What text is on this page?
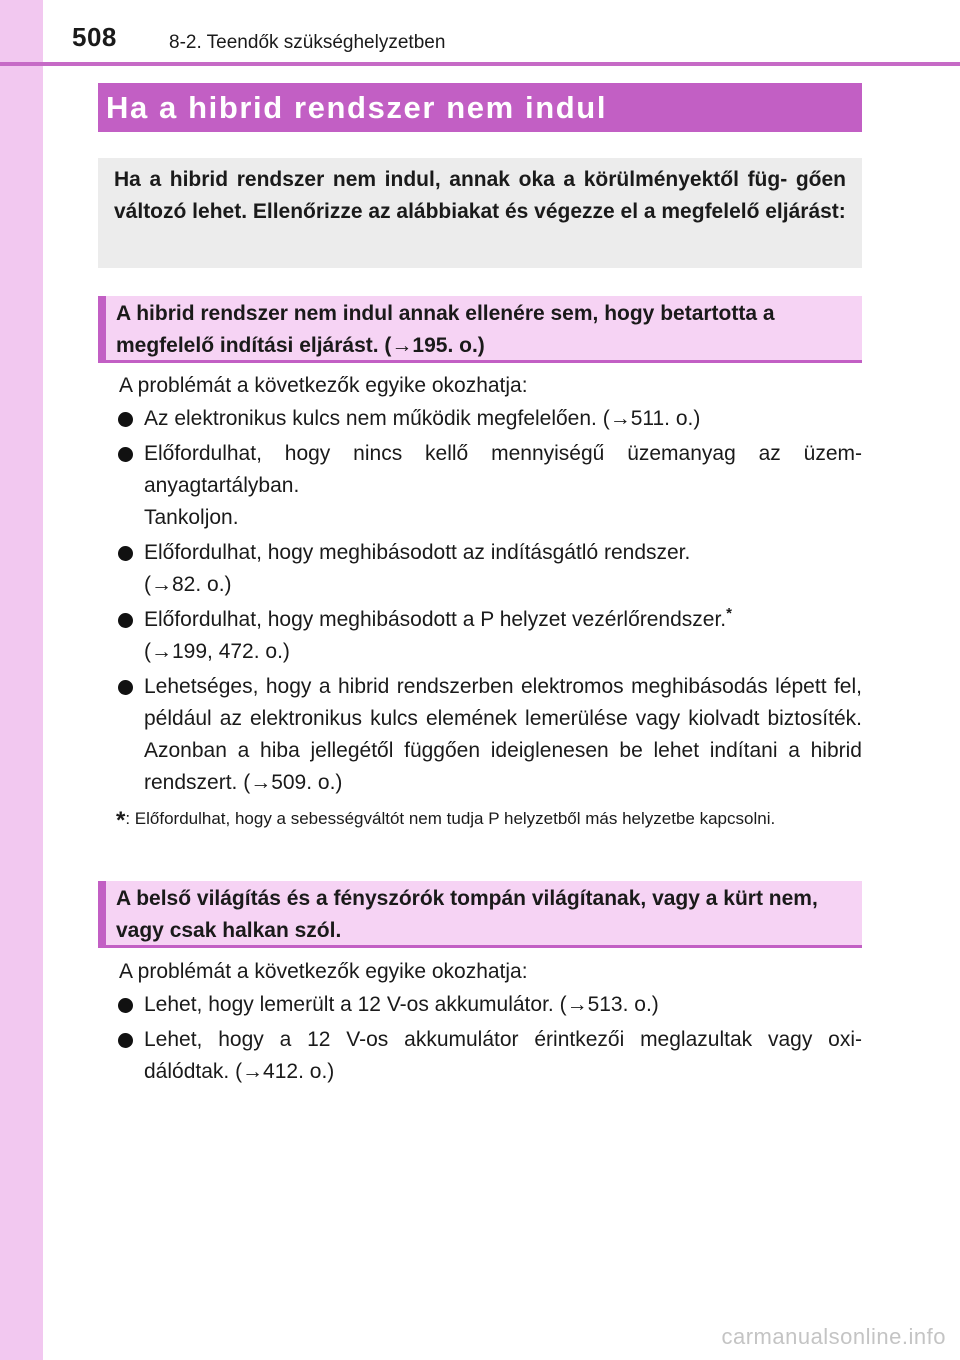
508	8-2. Teendők szükséghelyzetben
Ha a hibrid rendszer nem indul
Ha a hibrid rendszer nem indul, annak oka a körülményektől füg- gően változó lehet. Ellenőrizze az alábbiakat és végezze el a megfelelő eljárást:
A hibrid rendszer nem indul annak ellenére sem, hogy betartotta a megfelelő indítási eljárást. (→195. o.)
A problémát a következők egyike okozhatja:
Az elektronikus kulcs nem működik megfelelően. (→511. o.)
Előfordulhat, hogy nincs kellő mennyiségű üzemanyag az üzem- anyagtartályban.
Tankoljon.
Előfordulhat, hogy meghibásodott az indításgátló rendszer.
(→82. o.)
Előfordulhat, hogy meghibásodott a P helyzet vezérlőrendszer.*
(→199, 472. o.)
Lehetséges, hogy a hibrid rendszerben elektromos meghibásodás lépett fel, például az elektronikus kulcs elemének lemerülése vagy kiolvadt biztosíték. Azonban a hiba jellegétől függően ideiglenesen be lehet indítani a hibrid rendszert. (→509. o.)
*: Előfordulhat, hogy a sebességváltót nem tudja P helyzetből más helyzetbe kapcsolni.
A belső világítás és a fényszórók tompán világítanak, vagy a kürt nem, vagy csak halkan szól.
A problémát a következők egyike okozhatja:
Lehet, hogy lemerült a 12 V-os akkumulátor. (→513. o.)
Lehet, hogy a 12 V-os akkumulátor érintkezői meglazultak vagy oxi- dálódtak. (→412. o.)
carmanualsonline.info
